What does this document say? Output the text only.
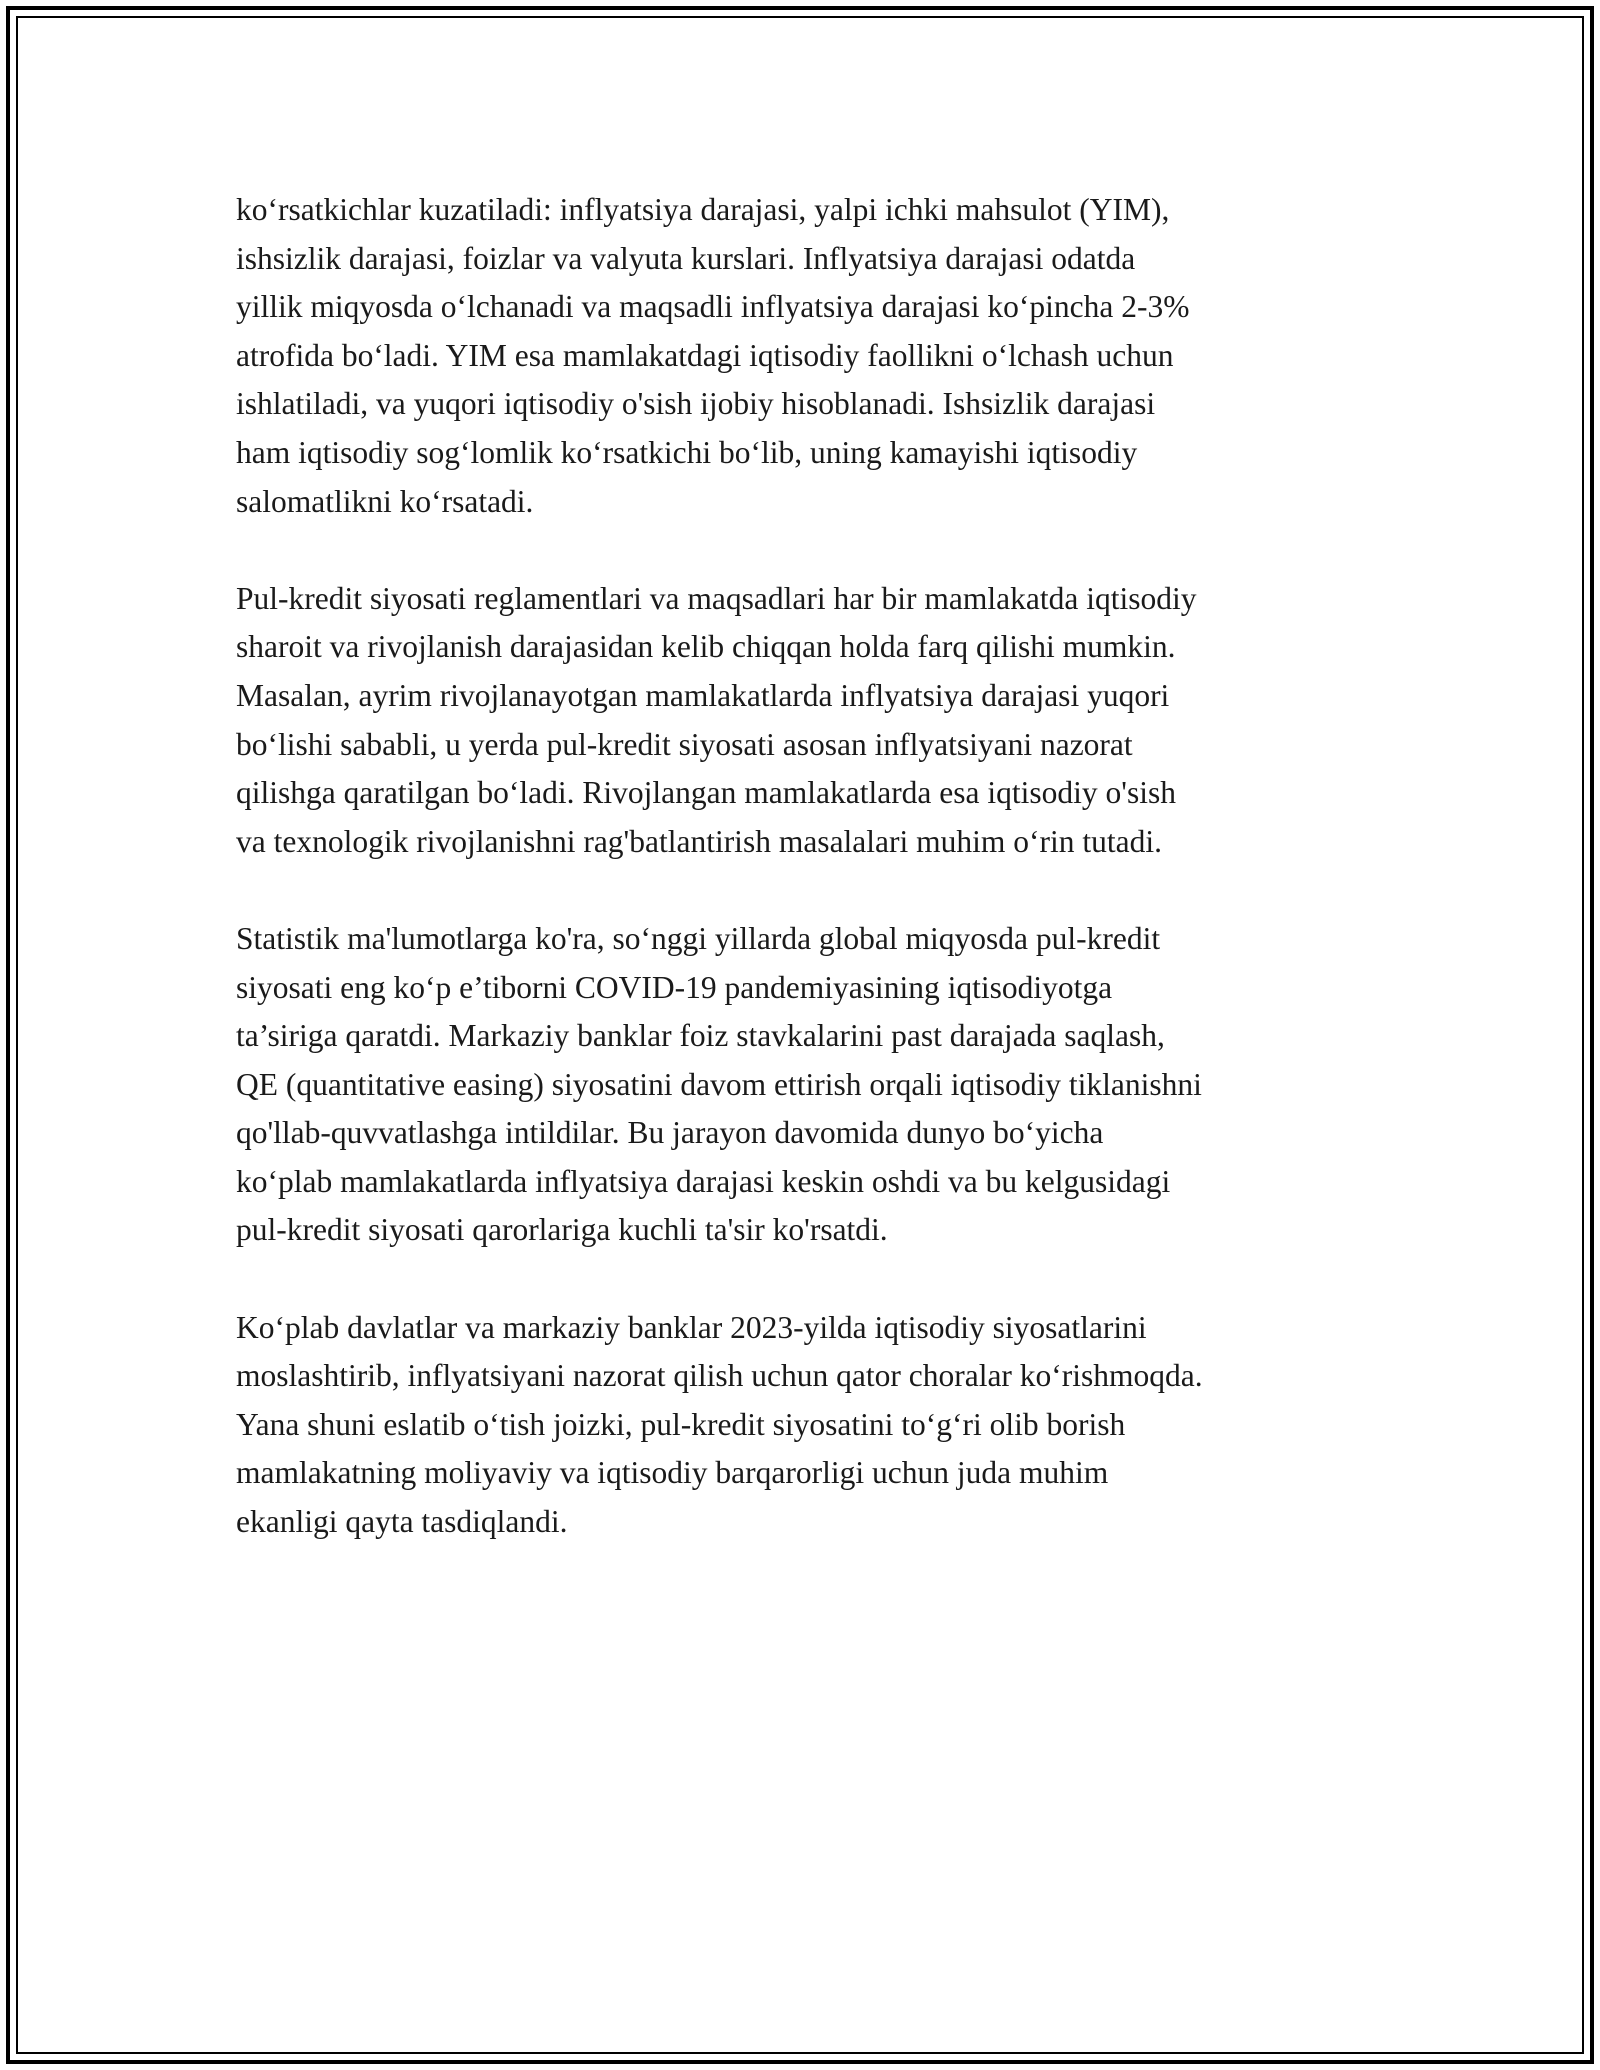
ko‘rsatkichlar kuzatiladi: inflyatsiya darajasi, yalpi ichki mahsulot (YIM),
ishsizlik darajasi, foizlar va valyuta kurslari. Inflyatsiya darajasi odatda
yillik miqyosda o‘lchanadi va maqsadli inflyatsiya darajasi ko‘pincha 2-3%
atrofida bo‘ladi. YIM esa mamlakatdagi iqtisodiy faollikni o‘lchash uchun
ishlatiladi, va yuqori iqtisodiy o'sish ijobiy hisoblanadi. Ishsizlik darajasi
ham iqtisodiy sog‘lomlik ko‘rsatkichi bo‘lib, uning kamayishi iqtisodiy
salomatlikni ko‘rsatadi.

Pul-kredit siyosati reglamentlari va maqsadlari har bir mamlakatda iqtisodiy
sharoit va rivojlanish darajasidan kelib chiqqan holda farq qilishi mumkin.
Masalan, ayrim rivojlanayotgan mamlakatlarda inflyatsiya darajasi yuqori
bo‘lishi sababli, u yerda pul-kredit siyosati asosan inflyatsiyani nazorat
qilishga qaratilgan bo‘ladi. Rivojlangan mamlakatlarda esa iqtisodiy o'sish
va texnologik rivojlanishni rag'batlantirish masalalari muhim o‘rin tutadi.

Statistik ma'lumotlarga ko'ra, so‘nggi yillarda global miqyosda pul-kredit
siyosati eng ko‘p e’tiborni COVID-19 pandemiyasining iqtisodiyotga
ta’siriga qaratdi. Markaziy banklar foiz stavkalarini past darajada saqlash,
QE (quantitative easing) siyosatini davom ettirish orqali iqtisodiy tiklanishni
qo'llab-quvvatlashga intildilar. Bu jarayon davomida dunyo bo‘yicha
ko‘plab mamlakatlarda inflyatsiya darajasi keskin oshdi va bu kelgusidagi
pul-kredit siyosati qarorlariga kuchli ta'sir ko'rsatdi.

Ko‘plab davlatlar va markaziy banklar 2023-yilda iqtisodiy siyosatlarini
moslashtirib, inflyatsiyani nazorat qilish uchun qator choralar ko‘rishmoqda.
Yana shuni eslatib o‘tish joizki, pul-kredit siyosatini to‘g‘ri olib borish
mamlakatning moliyaviy va iqtisodiy barqarorligi uchun juda muhim
ekanligi qayta tasdiqlandi.
